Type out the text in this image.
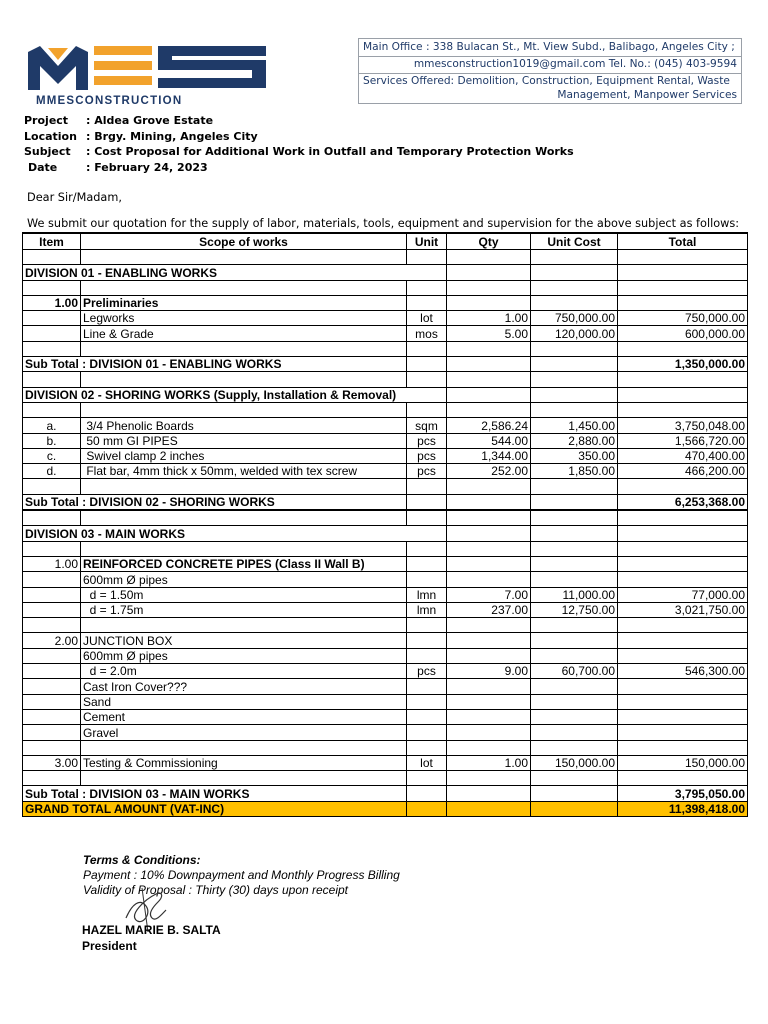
MMESCONSTRUCTION
Main Office : 338 Bulacan St., Mt. View Subd., Balibago, Angeles City ;
mmesconstruction1019@gmail.com Tel. No.: (045) 403-9594
Services Offered: Demolition, Construction, Equipment Rental, Waste
Management, Manpower Services
Project : Aldea Grove Estate
Location : Brgy. Mining, Angeles City
Subject : Cost Proposal for Additional Work in Outfall and Temporary Protection Works
Date	: February 24, 2023
Dear Sir/Madam,
We submit our quotation for the supply of labor, materials, tools, equipment and supervision for the above subject as follows:
Item	Scope of works	Unit	Qty	Unit Cost	Total

DIVISION 01 - ENABLING WORKS					

1.00	Preliminaries				
	Legworks	lot	1.00	750,000.00	750,000.00
	Line & Grade	mos	5.00	120,000.00	600,000.00

Sub Total : DIVISION 01 - ENABLING WORKS					1,350,000.00

DIVISION 02 - SHORING WORKS (Supply, Installation & Removal)					

a.	3/4 Phenolic Boards	sqm	2,586.24	1,450.00	3,750,048.00
b.	50 mm GI PIPES	pcs	544.00	2,880.00	1,566,720.00
c.	Swivel clamp 2 inches	pcs	1,344.00	350.00	470,400.00
d.	Flat bar, 4mm thick x 50mm, welded with tex screw	pcs	252.00	1,850.00	466,200.00

Sub Total : DIVISION 02 - SHORING WORKS					6,253,368.00

DIVISION 03 - MAIN WORKS					

1.00	REINFORCED CONCRETE PIPES (Class II Wall B)				
	600mm Ø pipes				
	d = 1.50m	lmn	7.00	11,000.00	77,000.00
	d = 1.75m	lmn	237.00	12,750.00	3,021,750.00

2.00	JUNCTION BOX				
	600mm Ø pipes				
	d = 2.0m	pcs	9.00	60,700.00	546,300.00
	Cast Iron Cover???				
	Sand				
	Cement				
	Gravel				

3.00	Testing & Commissioning	lot	1.00	150,000.00	150,000.00

Sub Total : DIVISION 03 - MAIN WORKS					3,795,050.00
GRAND TOTAL AMOUNT (VAT-INC)					11,398,418.00
Terms & Conditions:
Payment : 10% Downpayment and Monthly Progress Billing
Validity of Proposal : Thirty (30) days upon receipt
HAZEL MARIE B. SALTA
President
